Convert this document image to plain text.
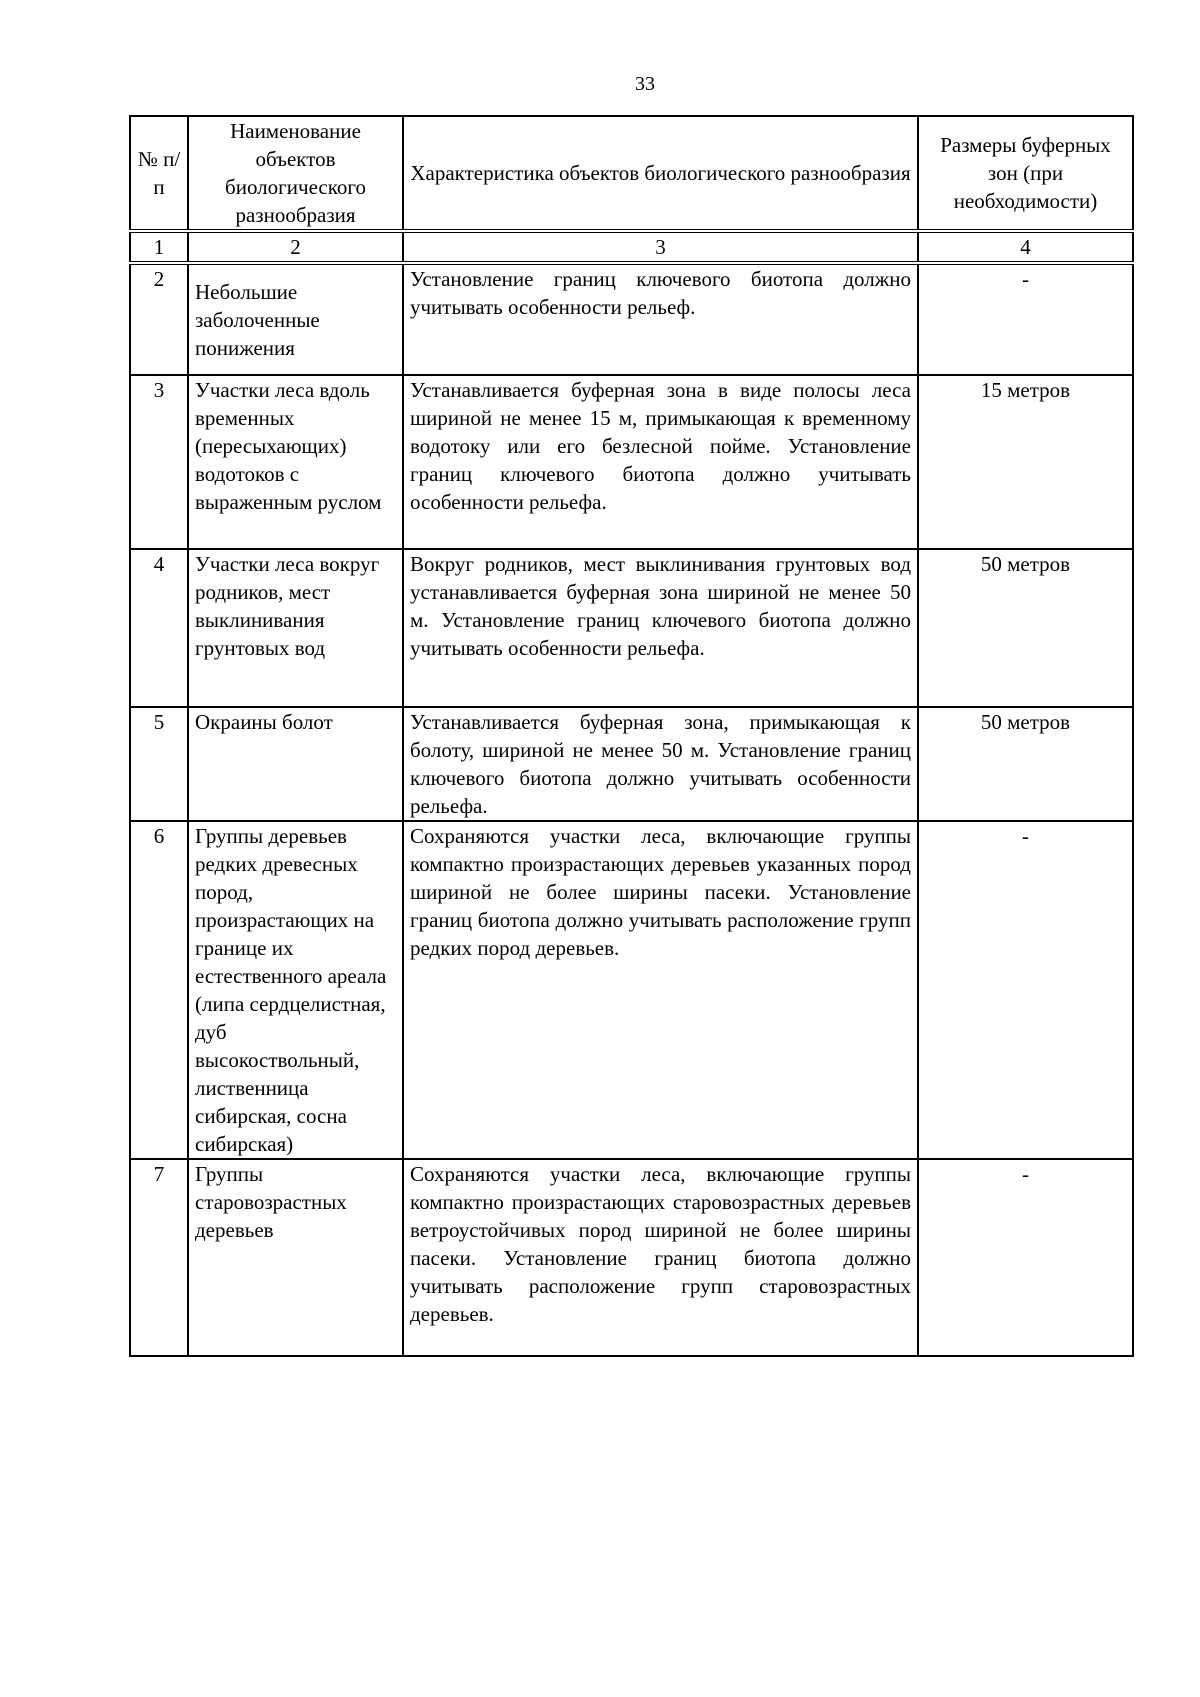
33
№ п/п	Наименование объектов биологического разнообразия	Характеристика объектов биологического разнообразия	Размеры буферных зон (при необходимости)
1	2	3	4
2	Небольшие заболоченные понижения	Установление границ ключевого биотопа должно учитывать особенности рельеф.	-
3	Участки леса вдоль временных (пересыхающих) водотоков с выраженным руслом	Устанавливается буферная зона в виде полосы леса шириной не менее 15 м, примыкающая к временному водотоку или его безлесной пойме. Установление границ ключевого биотопа должно учитывать особенности рельефа.	15 метров
4	Участки леса вокруг родников, мест выклинивания грунтовых вод	Вокруг родников, мест выклинивания грунтовых вод устанавливается буферная зона шириной не менее 50 м. Установление границ ключевого биотопа должно учитывать особенности рельефа.	50 метров
5	Окраины болот	Устанавливается буферная зона, примыкающая к болоту, шириной не менее 50 м. Установление границ ключевого биотопа должно учитывать особенности рельефа.	50 метров
6	Группы деревьев редких древесных пород, произрастающих на границе их естественного ареала (липа сердцелистная, дуб высокоствольный, лиственница сибирская, сосна сибирская)	Сохраняются участки леса, включающие группы компактно произрастающих деревьев указанных пород шириной не более ширины пасеки. Установление границ биотопа должно учитывать расположение групп редких пород деревьев.	-
7	Группы старовозрастных деревьев	Сохраняются участки леса, включающие группы компактно произрастающих старовозрастных деревьев ветроустойчивых пород шириной не более ширины пасеки. Установление границ биотопа должно учитывать расположение групп старовозрастных деревьев.	-
